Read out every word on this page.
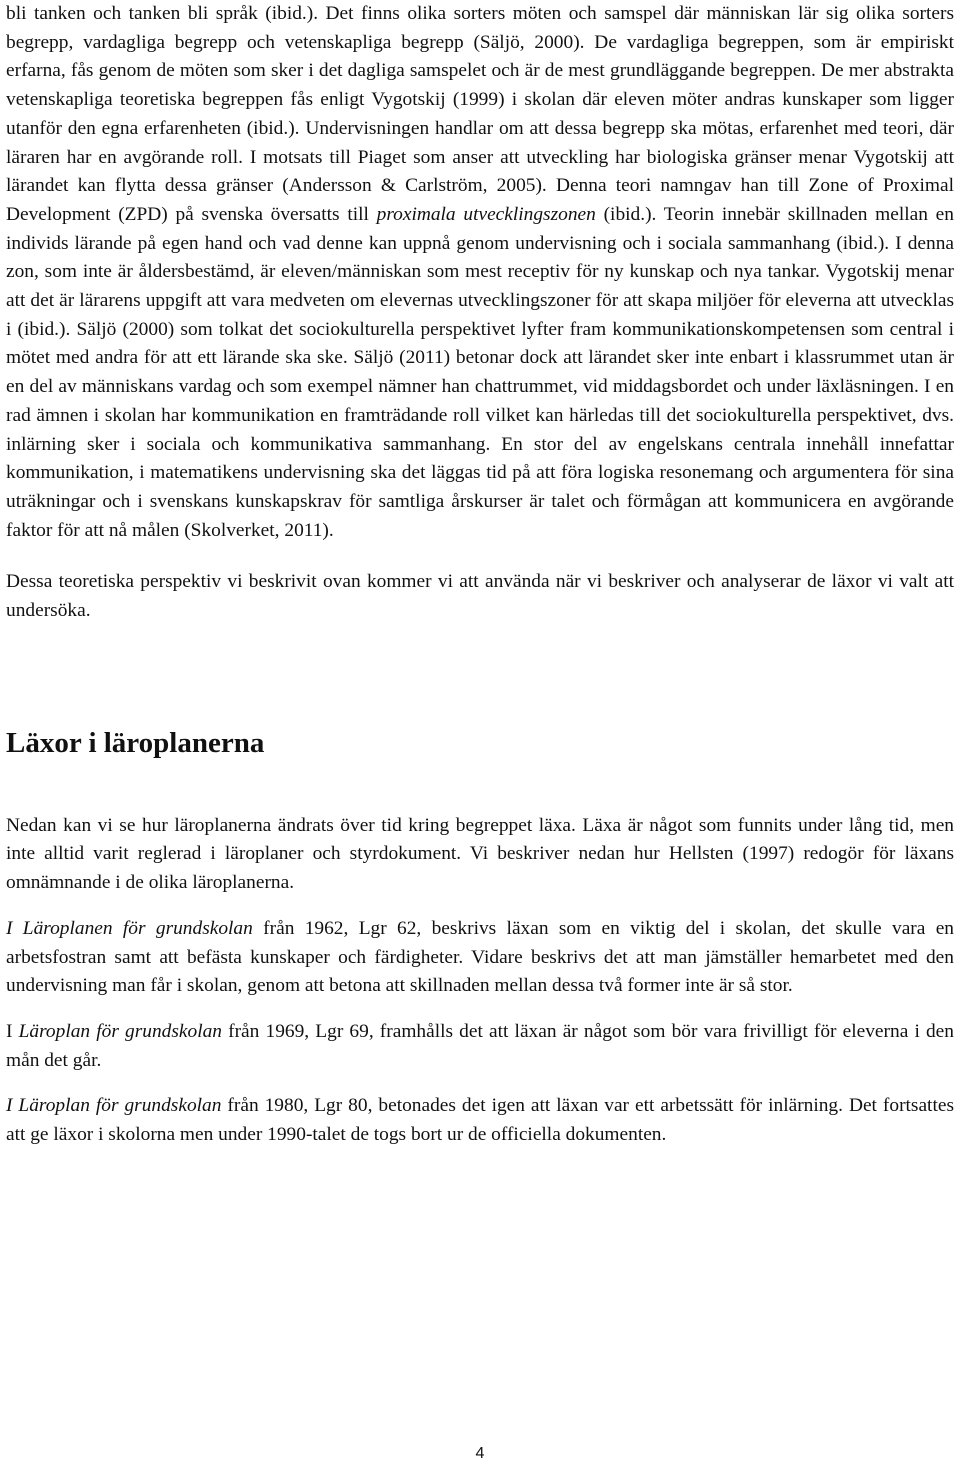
bli tanken och tanken bli språk (ibid.). Det finns olika sorters möten och samspel där människan lär sig olika sorters begrepp, vardagliga begrepp och vetenskapliga begrepp (Säljö, 2000). De vardagliga begreppen, som är empiriskt erfarna, fås genom de möten som sker i det dagliga samspelet och är de mest grundläggande begreppen. De mer abstrakta vetenskapliga teoretiska begreppen fås enligt Vygotskij (1999) i skolan där eleven möter andras kunskaper som ligger utanför den egna erfarenheten (ibid.). Undervisningen handlar om att dessa begrepp ska mötas, erfarenhet med teori, där läraren har en avgörande roll. I motsats till Piaget som anser att utveckling har biologiska gränser menar Vygotskij att lärandet kan flytta dessa gränser (Andersson & Carlström, 2005). Denna teori namngav han till Zone of Proximal Development (ZPD) på svenska översatts till proximala utvecklingszonen (ibid.). Teorin innebär skillnaden mellan en individs lärande på egen hand och vad denne kan uppnå genom undervisning och i sociala sammanhang (ibid.). I denna zon, som inte är åldersbestämd, är eleven/människan som mest receptiv för ny kunskap och nya tankar. Vygotskij menar att det är lärarens uppgift att vara medveten om elevernas utvecklingszoner för att skapa miljöer för eleverna att utvecklas i (ibid.). Säljö (2000) som tolkat det sociokulturella perspektivet lyfter fram kommunikationskompetensen som central i mötet med andra för att ett lärande ska ske. Säljö (2011) betonar dock att lärandet sker inte enbart i klassrummet utan är en del av människans vardag och som exempel nämner han chattrummet, vid middagsbordet och under läxläsningen. I en rad ämnen i skolan har kommunikation en framträdande roll vilket kan härledas till det sociokulturella perspektivet, dvs. inlärning sker i sociala och kommunikativa sammanhang. En stor del av engelskans centrala innehåll innefattar kommunikation, i matematikens undervisning ska det läggas tid på att föra logiska resonemang och argumentera för sina uträkningar och i svenskans kunskapskrav för samtliga årskurser är talet och förmågan att kommunicera en avgörande faktor för att nå målen (Skolverket, 2011).

Dessa teoretiska perspektiv vi beskrivit ovan kommer vi att använda när vi beskriver och analyserar de läxor vi valt att undersöka.

Läxor i läroplanerna

Nedan kan vi se hur läroplanerna ändrats över tid kring begreppet läxa. Läxa är något som funnits under lång tid, men inte alltid varit reglerad i läroplaner och styrdokument. Vi beskriver nedan hur Hellsten (1997) redogör för läxans omnämnande i de olika läroplanerna.

I Läroplanen för grundskolan från 1962, Lgr 62, beskrivs läxan som en viktig del i skolan, det skulle vara en arbetsfostran samt att befästa kunskaper och färdigheter. Vidare beskrivs det att man jämställer hemarbetet med den undervisning man får i skolan, genom att betona att skillnaden mellan dessa två former inte är så stor.

I Läroplan för grundskolan från 1969, Lgr 69, framhålls det att läxan är något som bör vara frivilligt för eleverna i den mån det går.

I Läroplan för grundskolan från 1980, Lgr 80, betonades det igen att läxan var ett arbetssätt för inlärning. Det fortsattes att ge läxor i skolorna men under 1990-talet de togs bort ur de officiella dokumenten.

4
